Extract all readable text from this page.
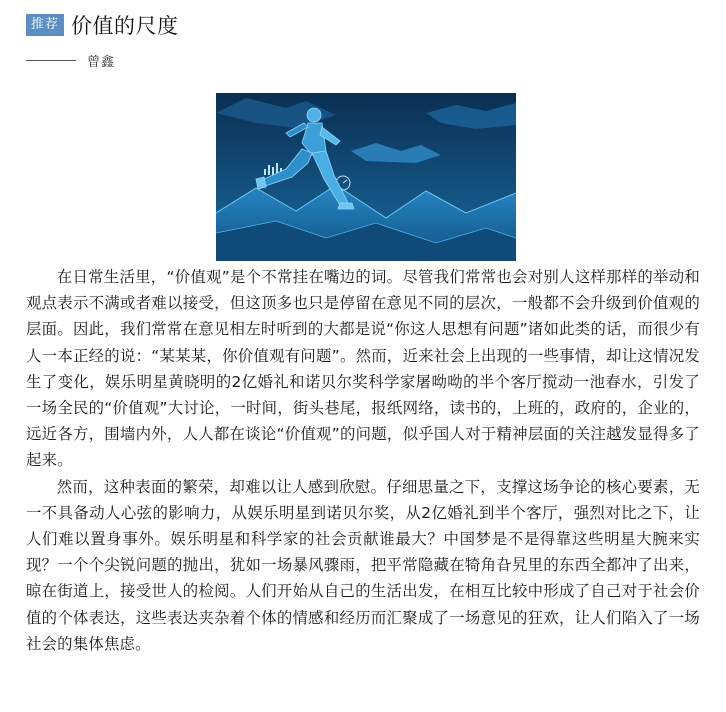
推荐 价值的尺度
曾鑫

在日常生活里，“价值观”是个不常挂在嘴边的词。尽管我们常常也会对别人这样那样的举动和观点表示不满或者难以接受，但这顶多也只是停留在意见不同的层次，一般都不会升级到价值观的层面。因此，我们常常在意见相左时听到的大都是说“你这人思想有问题”诸如此类的话，而很少有人一本正经的说：“某某某，你价值观有问题”。然而，近来社会上出现的一些事情，却让这情况发生了变化，娱乐明星黄晓明的2亿婚礼和诺贝尔奖科学家屠呦呦的半个客厅搅动一池春水，引发了一场全民的“价值观”大讨论，一时间，街头巷尾，报纸网络，读书的，上班的，政府的，企业的，远近各方，围墙内外，人人都在谈论“价值观”的问题，似乎国人对于精神层面的关注越发显得多了起来。

然而，这种表面的繁荣，却难以让人感到欣慰。仔细思量之下，支撑这场争论的核心要素，无一不具备动人心弦的影响力，从娱乐明星到诺贝尔奖，从2亿婚礼到半个客厅，强烈对比之下，让人们难以置身事外。娱乐明星和科学家的社会贡献谁最大？中国梦是不是得靠这些明星大腕来实现？一个个尖锐问题的抛出，犹如一场暴风骤雨，把平常隐藏在犄角旮旯里的东西全都冲了出来，晾在街道上，接受世人的检阅。人们开始从自己的生活出发，在相互比较中形成了自己对于社会价值的个体表达，这些表达夹杂着个体的情感和经历而汇聚成了一场意见的狂欢，让人们陷入了一场社会的集体焦虑。
